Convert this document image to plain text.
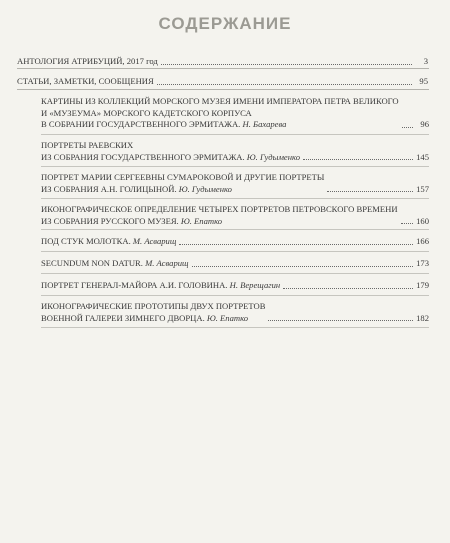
СОДЕРЖАНИЕ
АНТОЛОГИЯ АТРИБУЦИЙ, 2017 год	3
СТАТЬИ, ЗАМЕТКИ, СООБЩЕНИЯ	95
КАРТИНЫ ИЗ КОЛЛЕКЦИЙ МОРСКОГО МУЗЕЯ ИМЕНИ ИМПЕРАТОРА ПЕТРА ВЕЛИКОГО
И «МУЗЕУМА» МОРСКОГО КАДЕТСКОГО КОРПУСА
В СОБРАНИИ ГОСУДАРСТВЕННОГО ЭРМИТАЖА. Н. Бахарева	96
ПОРТРЕТЫ РАЕВСКИХ
ИЗ СОБРАНИЯ ГОСУДАРСТВЕННОГО ЭРМИТАЖА. Ю. Гудыменко	145
ПОРТРЕТ МАРИИ СЕРГЕЕВНЫ СУМАРОКОВОЙ И ДРУГИЕ ПОРТРЕТЫ
ИЗ СОБРАНИЯ А.Н. ГОЛИЦЫНОЙ. Ю. Гудыменко	157
ИКОНОГРАФИЧЕСКОЕ ОПРЕДЕЛЕНИЕ ЧЕТЫРЕХ ПОРТРЕТОВ ПЕТРОВСКОГО ВРЕМЕНИ
ИЗ СОБРАНИЯ РУССКОГО МУЗЕЯ. Ю. Епатко	160
ПОД СТУК МОЛОТКА. М. Асварищ	166
SECUNDUM NON DATUR. М. Асварищ	173
ПОРТРЕТ ГЕНЕРАЛ-МАЙОРА А.И. ГОЛОВИНА. Н. Верещагин	179
ИКОНОГРАФИЧЕСКИЕ ПРОТОТИПЫ ДВУХ ПОРТРЕТОВ
ВОЕННОЙ ГАЛЕРЕИ ЗИМНЕГО ДВОРЦА. Ю. Епатко	182
